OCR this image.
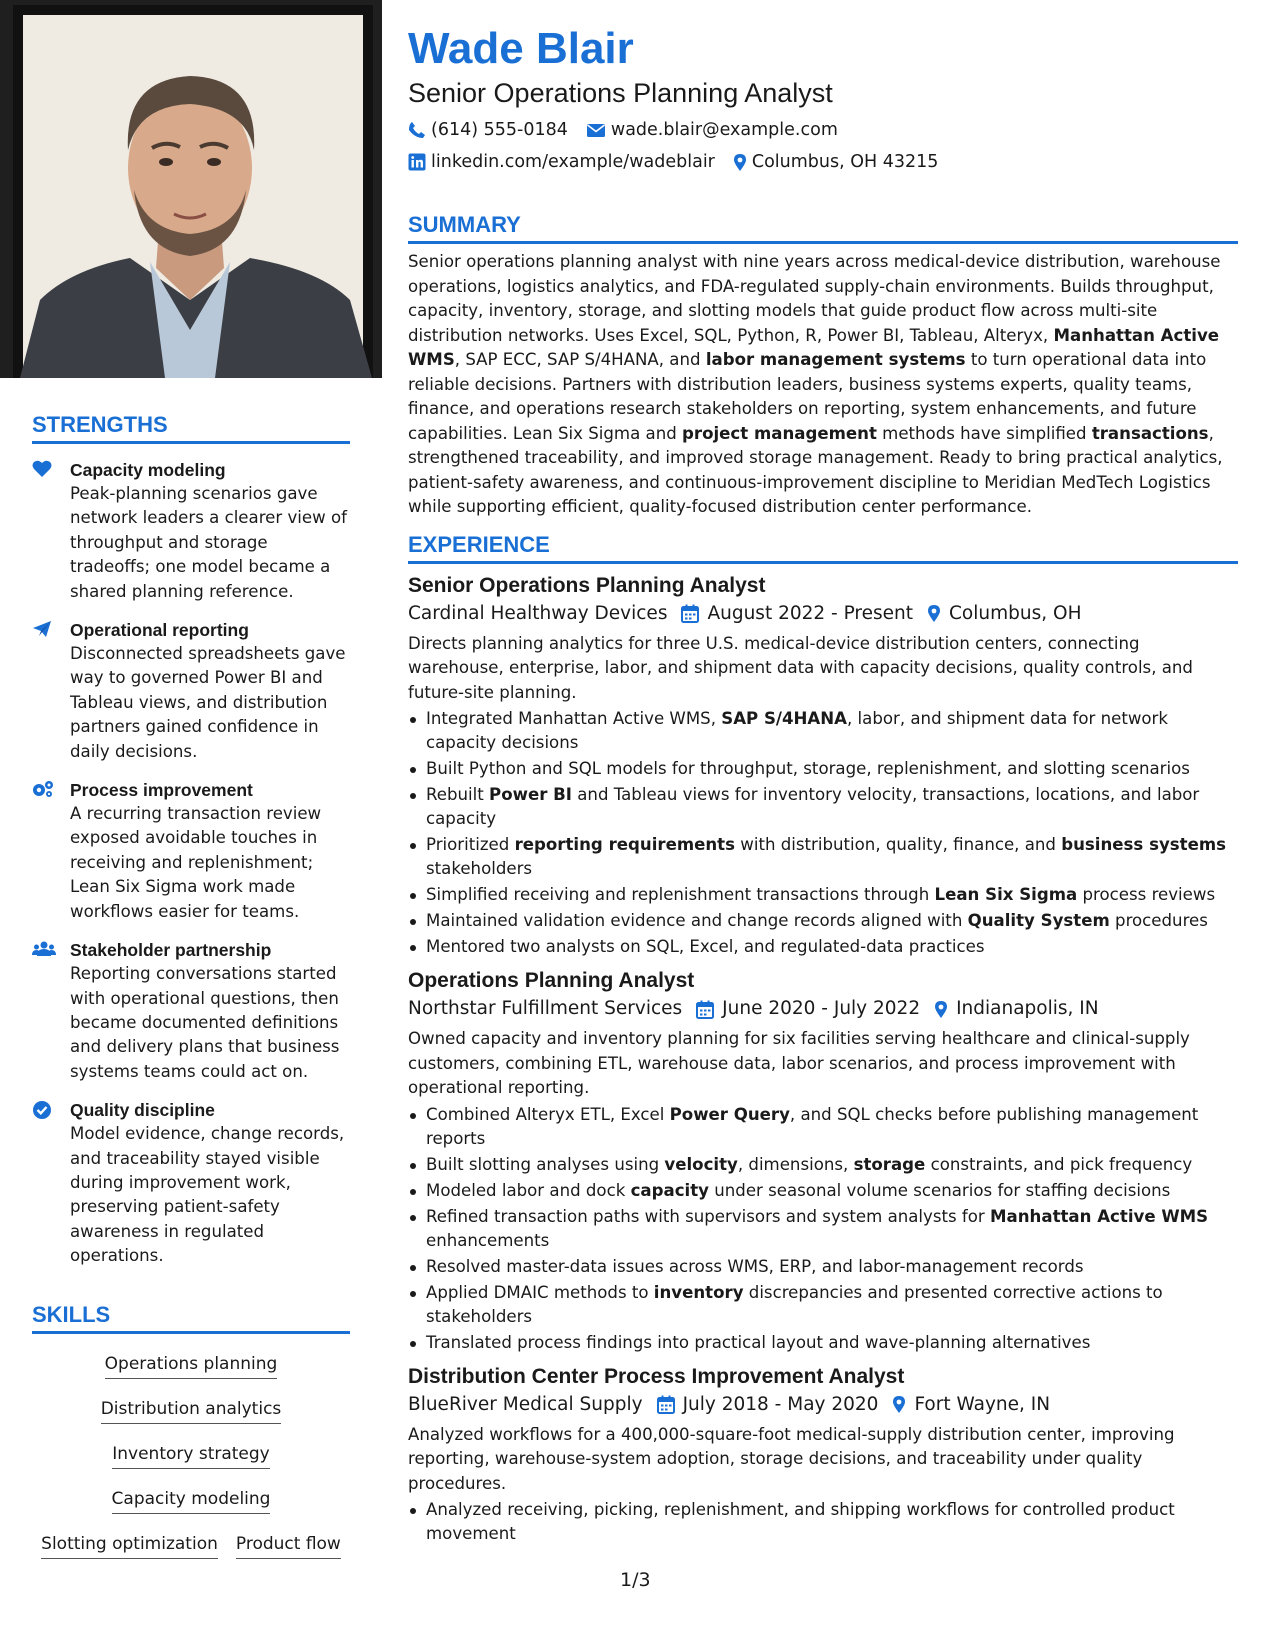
STRENGTHS
Capacity modeling
Peak-planning scenarios gave network leaders a clearer view of throughput and storage tradeoffs; one model became a shared planning reference.
Operational reporting
Disconnected spreadsheets gave way to governed Power BI and Tableau views, and distribution partners gained confidence in daily decisions.
Process improvement
A recurring transaction review exposed avoidable touches in receiving and replenishment; Lean Six Sigma work made workflows easier for teams.
Stakeholder partnership
Reporting conversations started with operational questions, then became documented definitions and delivery plans that business systems teams could act on.
Quality discipline
Model evidence, change records, and traceability stayed visible during improvement work, preserving patient-safety awareness in regulated operations.
SKILLS
Operations planning
Distribution analytics
Inventory strategy
Capacity modeling
Slotting optimization Product flow
Wade Blair
Senior Operations Planning Analyst
(614) 555-0184 wade.blair@example.com
linkedin.com/example/wadeblair Columbus, OH 43215
SUMMARY

Senior operations planning analyst with nine years across medical-device distribution, warehouse operations, logistics analytics, and FDA-regulated supply-chain environments. Builds throughput, capacity, inventory, storage, and slotting models that guide product flow across multi-site distribution networks. Uses Excel, SQL, Python, R, Power BI, Tableau, Alteryx, Manhattan Active WMS, SAP ECC, SAP S/4HANA, and labor management systems to turn operational data into reliable decisions. Partners with distribution leaders, business systems experts, quality teams, finance, and operations research stakeholders on reporting, system enhancements, and future capabilities. Lean Six Sigma and project management methods have simplified transactions, strengthened traceability, and improved storage management. Ready to bring practical analytics, patient-safety awareness, and continuous-improvement discipline to Meridian MedTech Logistics while supporting efficient, quality-focused distribution center performance.

EXPERIENCE
Senior Operations Planning Analyst
Cardinal Healthway Devices August 2022 - Present Columbus, OH

Directs planning analytics for three U.S. medical-device distribution centers, connecting warehouse, enterprise, labor, and shipment data with capacity decisions, quality controls, and future-site planning.

Integrated Manhattan Active WMS, SAP S/4HANA, labor, and shipment data for network capacity decisions
Built Python and SQL models for throughput, storage, replenishment, and slotting scenarios
Rebuilt Power BI and Tableau views for inventory velocity, transactions, locations, and labor capacity
Prioritized reporting requirements with distribution, quality, finance, and business systems stakeholders
Simplified receiving and replenishment transactions through Lean Six Sigma process reviews
Maintained validation evidence and change records aligned with Quality System procedures
Mentored two analysts on SQL, Excel, and regulated-data practices
Operations Planning Analyst
Northstar Fulfillment Services June 2020 - July 2022 Indianapolis, IN

Owned capacity and inventory planning for six facilities serving healthcare and clinical-supply customers, combining ETL, warehouse data, labor scenarios, and process improvement with operational reporting.

Combined Alteryx ETL, Excel Power Query, and SQL checks before publishing management reports
Built slotting analyses using velocity, dimensions, storage constraints, and pick frequency
Modeled labor and dock capacity under seasonal volume scenarios for staffing decisions
Refined transaction paths with supervisors and system analysts for Manhattan Active WMS enhancements
Resolved master-data issues across WMS, ERP, and labor-management records
Applied DMAIC methods to inventory discrepancies and presented corrective actions to stakeholders
Translated process findings into practical layout and wave-planning alternatives
Distribution Center Process Improvement Analyst
BlueRiver Medical Supply July 2018 - May 2020 Fort Wayne, IN

Analyzed workflows for a 400,000-square-foot medical-supply distribution center, improving reporting, warehouse-system adoption, storage decisions, and traceability under quality procedures.

Analyzed receiving, picking, replenishment, and shipping workflows for controlled product movement
1/3
